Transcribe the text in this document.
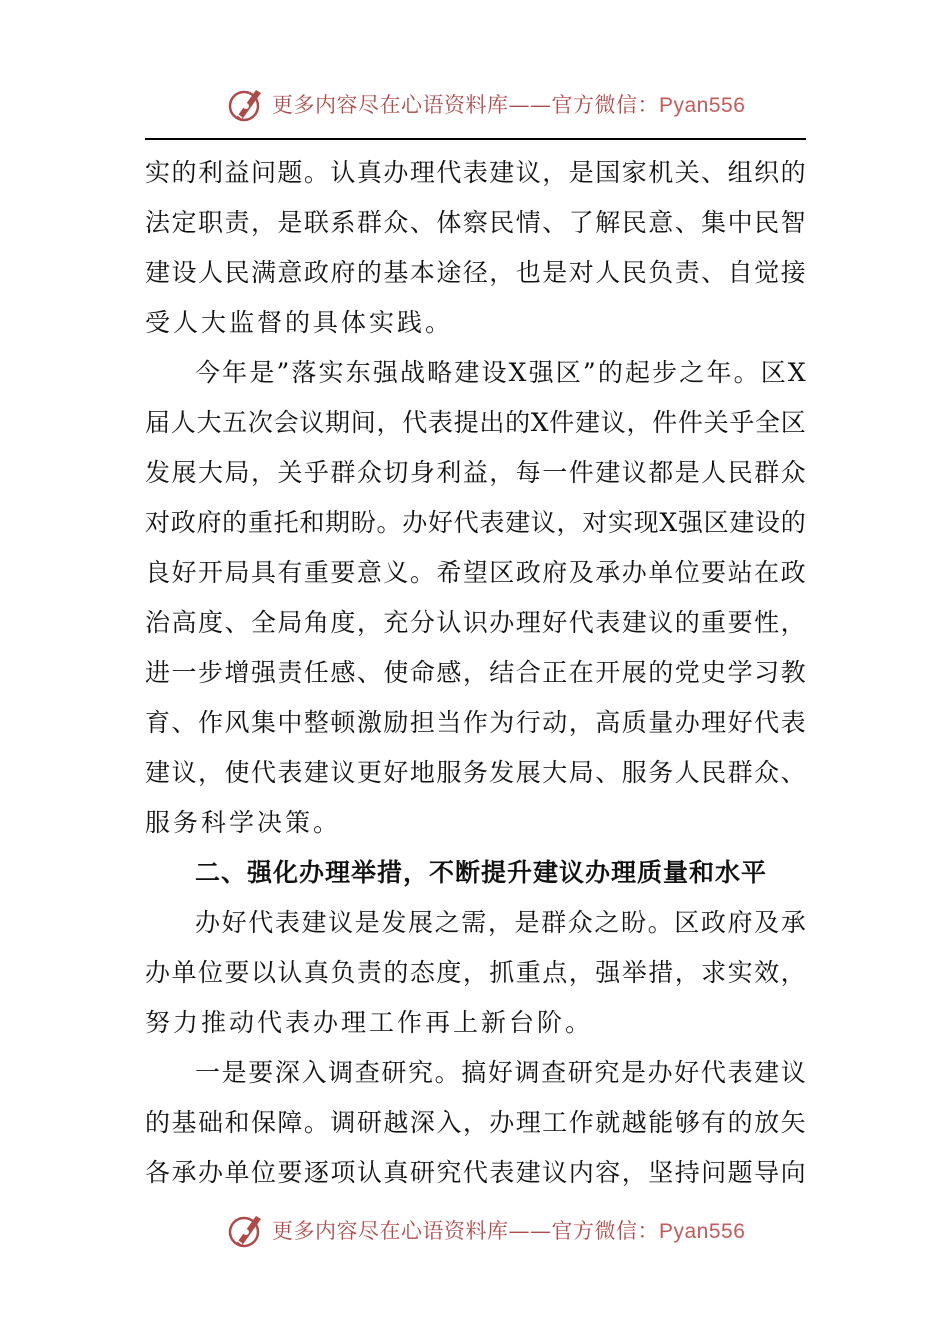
更多内容尽在心语资料库——官方微信：Pyan556
实 的 利 益 问 题 。 认 真 办 理 代 表 建 议 ， 是 国 家 机 关 、 组 织 的
法 定 职 责 ， 是 联 系 群 众 、 体 察 民 情 、 了 解 民 意 、 集 中 民 智
建 设 人 民 满 意 政 府 的 基 本 途 径 ， 也 是 对 人 民 负 责 、 自 觉 接
受人大监督的具体实践。
今 年 是 ” 落 实 东 强 战 略 建 设 X 强 区 ” 的 起 步 之 年 。 区 X
届 人 大 五 次 会 议 期 间 ， 代 表 提 出 的 X 件 建 议 ， 件 件 关 乎 全 区
发 展 大 局 ， 关 乎 群 众 切 身 利 益 ， 每 一 件 建 议 都 是 人 民 群 众
对 政 府 的 重 托 和 期 盼 。 办 好 代 表 建 议 ， 对 实 现 X 强 区 建 设 的
良 好 开 局 具 有 重 要 意 义 。 希 望 区 政 府 及 承 办 单 位 要 站 在 政
治 高 度 、 全 局 角 度 ， 充 分 认 识 办 理 好 代 表 建 议 的 重 要 性 ，
进 一 步 增 强 责 任 感 、 使 命 感 ， 结 合 正 在 开 展 的 党 史 学 习 教
育 、 作 风 集 中 整 顿 激 励 担 当 作 为 行 动 ， 高 质 量 办 理 好 代 表
建 议 ， 使 代 表 建 议 更 好 地 服 务 发 展 大 局 、 服 务 人 民 群 众 、
服务科学决策。
二、强化办理举措，不断提升建议办理质量和水平
办 好 代 表 建 议 是 发 展 之 需 ， 是 群 众 之 盼 。 区 政 府 及 承
办 单 位 要 以 认 真 负 责 的 态 度 ， 抓 重 点 ， 强 举 措 ， 求 实 效 ，
努力推动代表办理工作再上新台阶。
一 是 要 深 入 调 查 研 究 。 搞 好 调 查 研 究 是 办 好 代 表 建 议
的 基 础 和 保 障 。 调 研 越 深 入 ， 办 理 工 作 就 越 能 够 有 的 放 矢
各 承 办 单 位 要 逐 项 认 真 研 究 代 表 建 议 内 容 ， 坚 持 问 题 导 向
更多内容尽在心语资料库——官方微信：Pyan556
